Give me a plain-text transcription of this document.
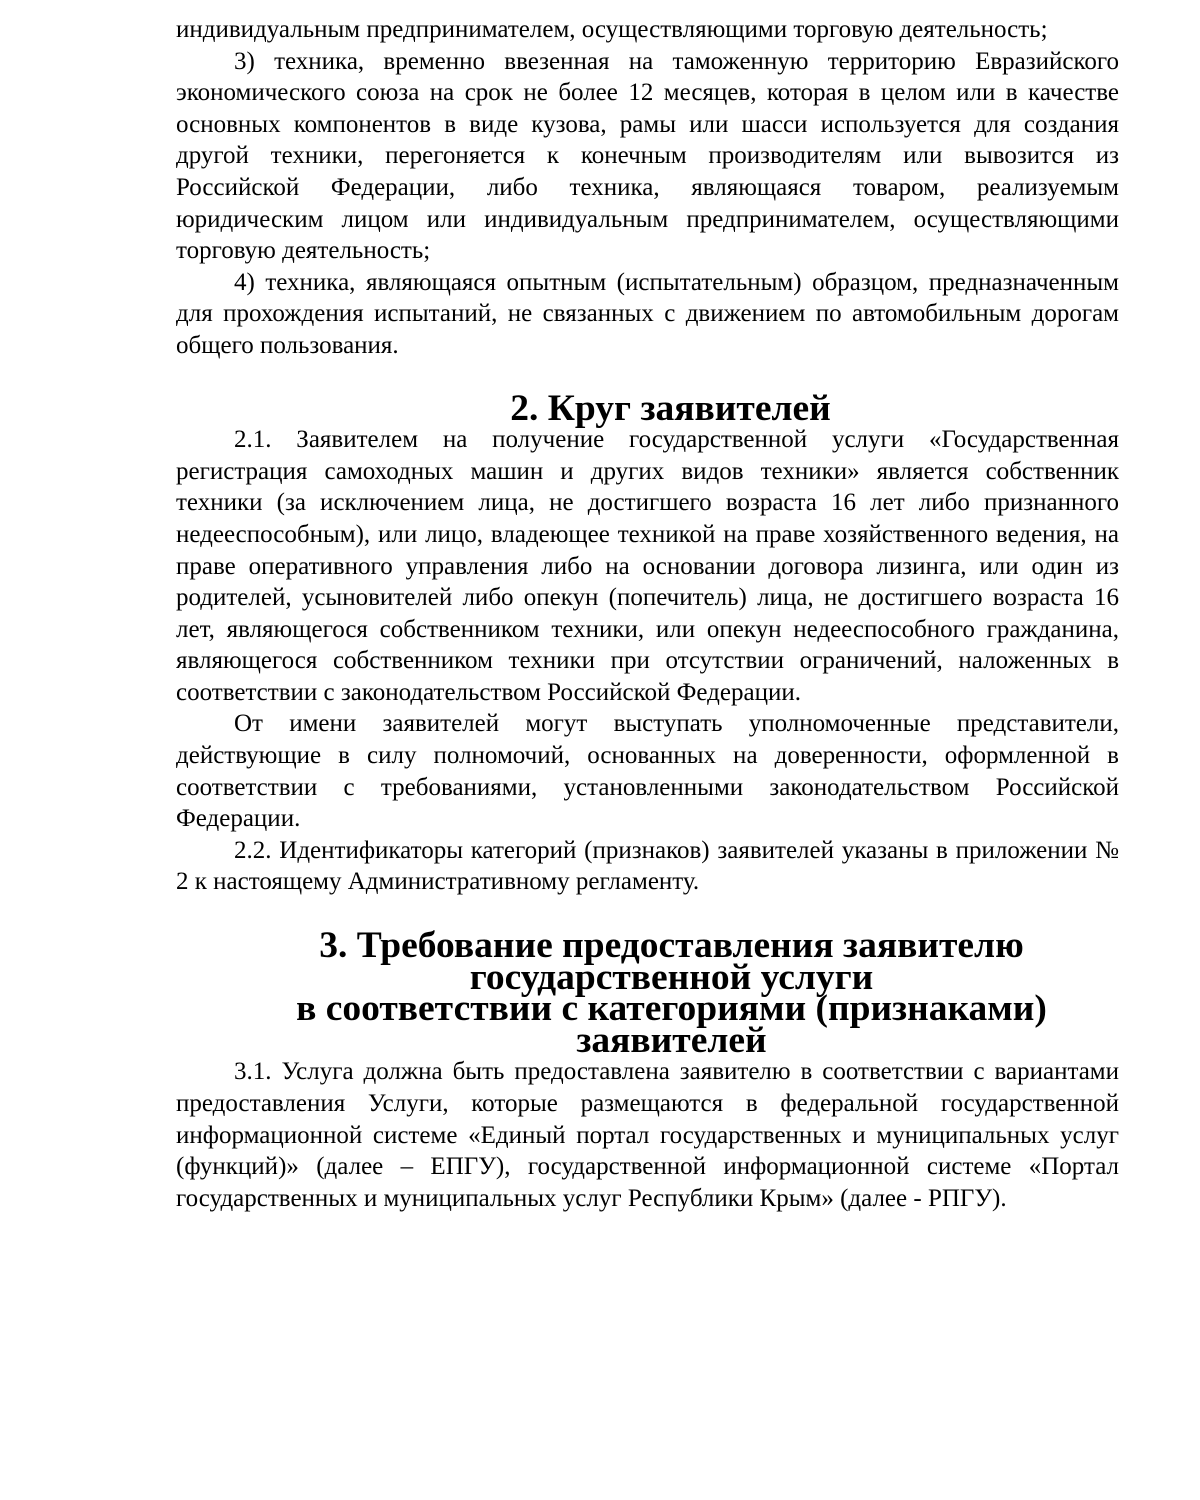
индивидуальным предпринимателем, осуществляющими торговую деятельность;

3) техника, временно ввезенная на таможенную территорию Евразийского экономического союза на срок не более 12 месяцев, которая в целом или в качестве основных компонентов в виде кузова, рамы или шасси используется для создания другой техники, перегоняется к конечным производителям или вывозится из Российской Федерации, либо техника, являющаяся товаром, реализуемым юридическим лицом или индивидуальным предпринимателем, осуществляющими торговую деятельность;

4) техника, являющаяся опытным (испытательным) образцом, предназначенным для прохождения испытаний, не связанных с движением по автомобильным дорогам общего пользования.

2. Круг заявителей

2.1. Заявителем на получение государственной услуги «Государственная регистрация самоходных машин и других видов техники» является собственник техники (за исключением лица, не достигшего возраста 16 лет либо признанного недееспособным), или лицо, владеющее техникой на праве хозяйственного ведения, на праве оперативного управления либо на основании договора лизинга, или один из родителей, усыновителей либо опекун (попечитель) лица, не достигшего возраста 16 лет, являющегося собственником техники, или опекун недееспособного гражданина, являющегося собственником техники при отсутствии ограничений, наложенных в соответствии с законодательством Российской Федерации.

От имени заявителей могут выступать уполномоченные представители, действующие в силу полномочий, основанных на доверенности, оформленной в соответствии с требованиями, установленными законодательством Российской Федерации.

2.2. Идентификаторы категорий (признаков) заявителей указаны в приложении № 2 к настоящему Административному регламенту.

3. Требование предоставления заявителю государственной услуги
в соответствии с категориями (признаками) заявителей

3.1. Услуга должна быть предоставлена заявителю в соответствии с вариантами предоставления Услуги, которые размещаются в федеральной государственной информационной системе «Единый портал государственных и муниципальных услуг (функций)» (далее – ЕПГУ), государственной информационной системе «Портал государственных и муниципальных услуг Республики Крым» (далее - РПГУ).
